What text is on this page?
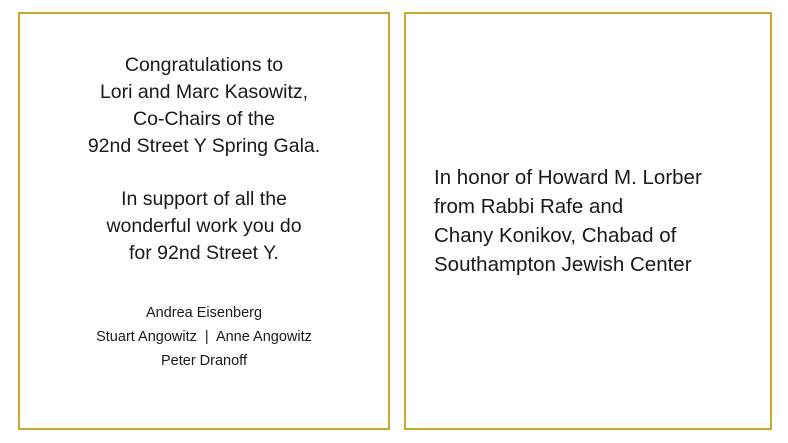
Congratulations to
Lori and Marc Kasowitz,
Co-Chairs of the
92nd Street Y Spring Gala.
In support of all the
wonderful work you do
for 92nd Street Y.
Andrea Eisenberg
Stuart Angowitz  |  Anne Angowitz
Peter Dranoff
In honor of Howard M. Lorber
from Rabbi Rafe and
Chany Konikov, Chabad of
Southampton Jewish Center
